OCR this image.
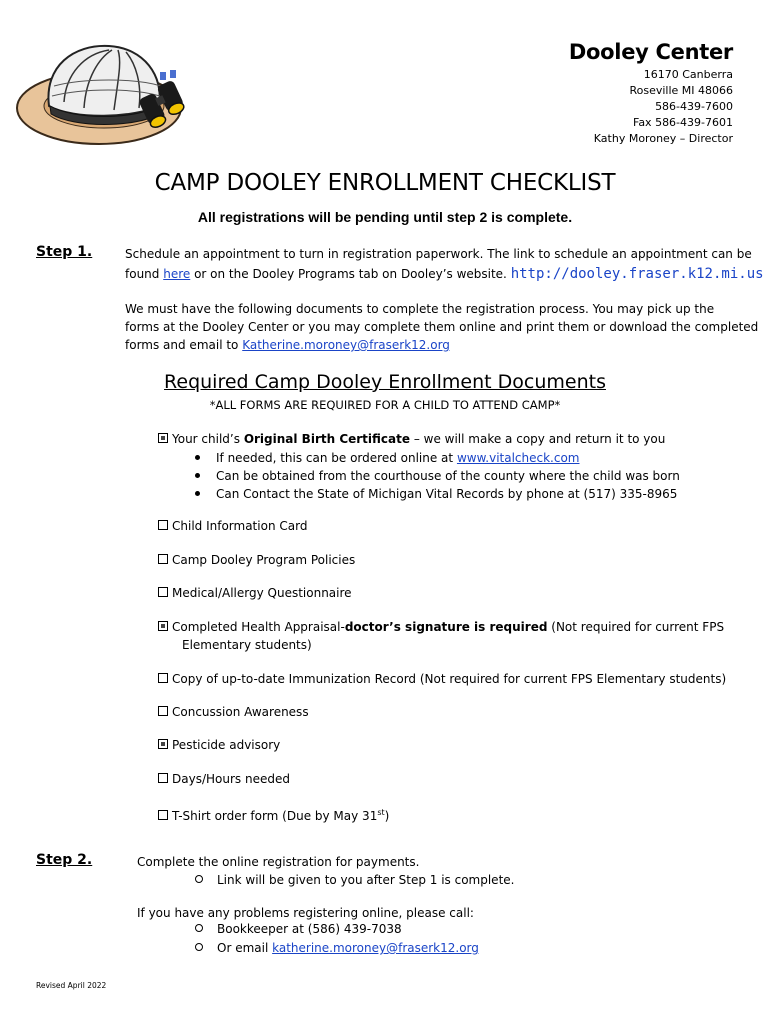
Dooley Center
16170 Canberra
Roseville MI 48066
586-439-7600
Fax 586-439-7601
Kathy Moroney – Director
CAMP DOOLEY ENROLLMENT CHECKLIST
All registrations will be pending until step 2 is complete.
Step 1.	Schedule an appointment to turn in registration paperwork. The link to schedule an appointment can be
found here or on the Dooley Programs tab on Dooley’s website. http://dooley.fraser.k12.mi.us
We must have the following documents to complete the registration process. You may pick up the
forms at the Dooley Center or you may complete them online and print them or download the completed
forms and email to Katherine.moroney@fraserk12.org
Required Camp Dooley Enrollment Documents
*ALL FORMS ARE REQUIRED FOR A CHILD TO ATTEND CAMP*
Your child’s Original Birth Certificate – we will make a copy and return it to you
If needed, this can be ordered online at www.vitalcheck.com
Can be obtained from the courthouse of the county where the child was born
Can Contact the State of Michigan Vital Records by phone at (517) 335-8965
Child Information Card
Camp Dooley Program Policies
Medical/Allergy Questionnaire
Completed Health Appraisal-doctor’s signature is required (Not required for current FPS
Elementary students)
Copy of up-to-date Immunization Record (Not required for current FPS Elementary students)
Concussion Awareness
Pesticide advisory
Days/Hours needed
T-Shirt order form (Due by May 31st)
Step 2.	Complete the online registration for payments.
Link will be given to you after Step 1 is complete.
If you have any problems registering online, please call:
Bookkeeper at (586) 439-7038
Or email katherine.moroney@fraserk12.org
Revised April 2022
